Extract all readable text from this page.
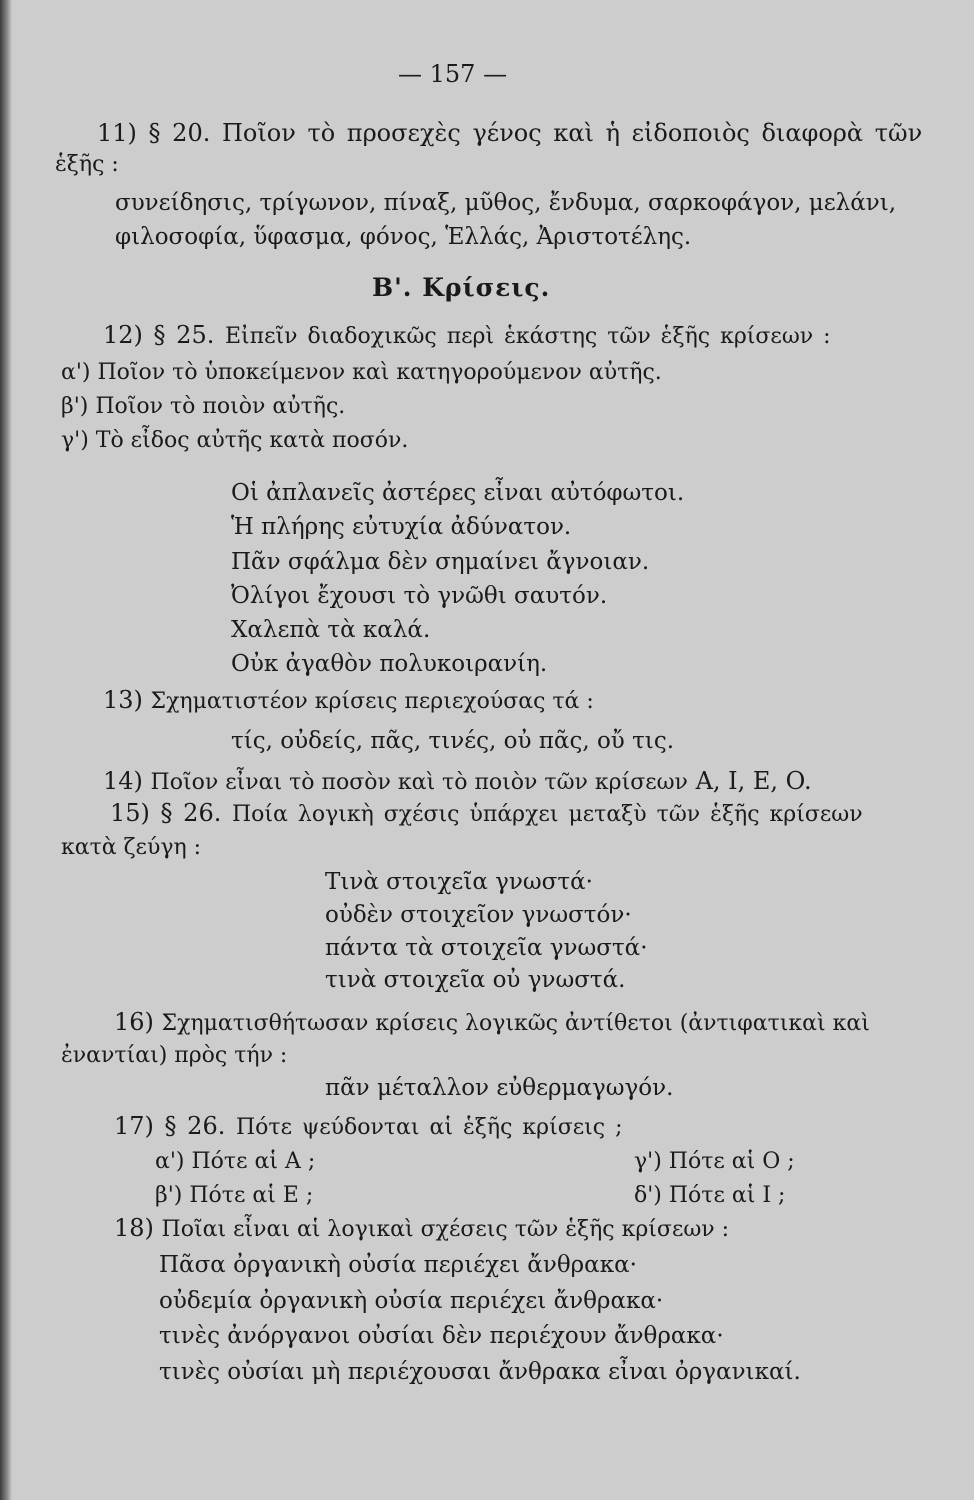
— 157 —
11) § 20. Ποῖον τὸ προσεχὲς γένος καὶ ἡ εἰδοποιὸς διαφορὰ τῶν
ἑξῆς :
συνείδησις, τρίγωνον, πίναξ, μῦθος, ἔνδυμα, σαρκοφάγον, μελάνι,
φιλοσοφία, ὕφασμα, φόνος, Ἑλλάς, Ἀριστοτέλης.
Β'. Κρίσεις.
12) § 25. Εἰπεῖν διαδοχικῶς περὶ ἑκάστης τῶν ἑξῆς κρίσεων :
α') Ποῖον τὸ ὑποκείμενον καὶ κατηγορούμενον αὐτῆς.
β') Ποῖον τὸ ποιὸν αὐτῆς.
γ') Τὸ εἶδος αὐτῆς κατὰ ποσόν.
Οἱ ἀπλανεῖς ἀστέρες εἶναι αὐτόφωτοι.
Ἡ πλήρης εὐτυχία ἀδύνατον.
Πᾶν σφάλμα δὲν σημαίνει ἄγνοιαν.
Ὀλίγοι ἔχουσι τὸ γνῶθι σαυτόν.
Χαλεπὰ τὰ καλά.
Οὐκ ἀγαθὸν πολυκοιρανίη.
13) Σχηματιστέον κρίσεις περιεχούσας τά :
τίς, οὐδείς, πᾶς, τινές, οὐ πᾶς, οὔ τις.
14) Ποῖον εἶναι τὸ ποσὸν καὶ τὸ ποιὸν τῶν κρίσεων A, I, E, O.
15) § 26. Ποία λογικὴ σχέσις ὑπάρχει μεταξὺ τῶν ἑξῆς κρίσεων
κατὰ ζεύγη :
Τινὰ στοιχεῖα γνωστά·
οὐδὲν στοιχεῖον γνωστόν·
πάντα τὰ στοιχεῖα γνωστά·
τινὰ στοιχεῖα οὐ γνωστά.
16) Σχηματισθήτωσαν κρίσεις λογικῶς ἀντίθετοι (ἀντιφατικαὶ καὶ
ἐναντίαι) πρὸς τήν :
πᾶν μέταλλον εὐθερμαγωγόν.
17) § 26. Πότε ψεύδονται αἱ ἑξῆς κρίσεις ;
α') Πότε αἱ A ;
β') Πότε αἱ E ;
γ') Πότε αἱ O ;
δ') Πότε αἱ I ;
18) Ποῖαι εἶναι αἱ λογικαὶ σχέσεις τῶν ἑξῆς κρίσεων :
Πᾶσα ὀργανικὴ οὐσία περιέχει ἄνθρακα·
οὐδεμία ὀργανικὴ οὐσία περιέχει ἄνθρακα·
τινὲς ἀνόργανοι οὐσίαι δὲν περιέχουν ἄνθρακα·
τινὲς οὐσίαι μὴ περιέχουσαι ἄνθρακα εἶναι ὀργανικαί.
